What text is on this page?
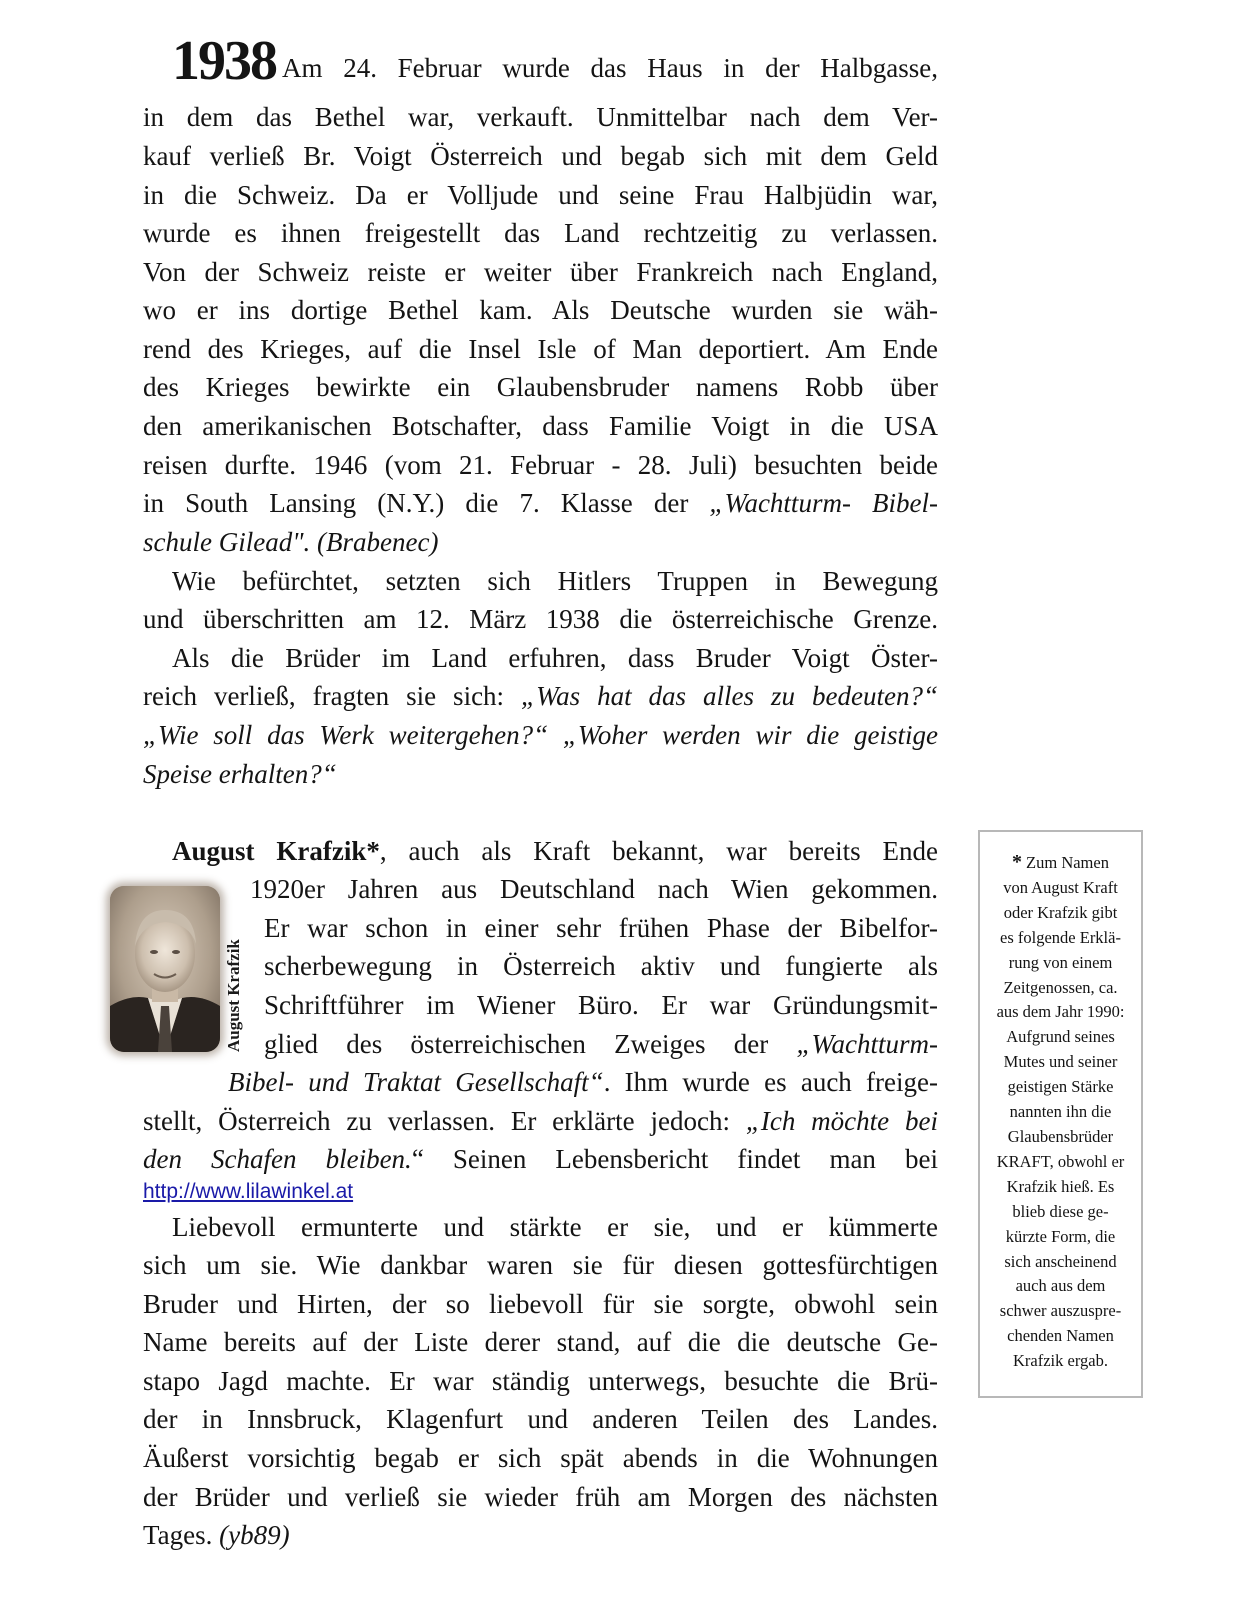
1938 Am 24. Februar wurde das Haus in der Halbgasse,
in dem das Bethel war, verkauft. Unmittelbar nach dem Ver-
kauf verließ Br. Voigt Österreich und begab sich mit dem Geld
in die Schweiz. Da er Volljude und seine Frau Halbjüdin war,
wurde es ihnen freigestellt das Land rechtzeitig zu verlassen.
Von der Schweiz reiste er weiter über Frankreich nach England,
wo er ins dortige Bethel kam. Als Deutsche wurden sie wäh-
rend des Krieges, auf die Insel Isle of Man deportiert. Am Ende
des Krieges bewirkte ein Glaubensbruder namens Robb über
den amerikanischen Botschafter, dass Familie Voigt in die USA
reisen durfte. 1946 (vom 21. Februar - 28. Juli) besuchten beide
in South Lansing (N.Y.) die 7. Klasse der „Wachtturm- Bibel-
schule Gilead". (Brabenec)
Wie befürchtet, setzten sich Hitlers Truppen in Bewegung
und überschritten am 12. März 1938 die österreichische Grenze.
Als die Brüder im Land erfuhren, dass Bruder Voigt Öster-
reich verließ, fragten sie sich: „Was hat das alles zu bedeuten?“
„Wie soll das Werk weitergehen?“ „Woher werden wir die geistige
Speise erhalten?“
August Krafzik
August Krafzik*, auch als Kraft bekannt, war bereits Ende
1920er Jahren aus Deutschland nach Wien gekommen.
Er war schon in einer sehr frühen Phase der Bibelfor-
scherbewegung in Österreich aktiv und fungierte als
Schriftführer im Wiener Büro. Er war Gründungsmit-
glied des österreichischen Zweiges der „Wachtturm-
Bibel- und Traktat Gesellschaft“. Ihm wurde es auch freige-
stellt, Österreich zu verlassen. Er erklärte jedoch: „Ich möchte bei
den Schafen bleiben.“ Seinen Lebensbericht findet man bei
http://www.lilawinkel.at
Liebevoll ermunterte und stärkte er sie, und er kümmerte
sich um sie. Wie dankbar waren sie für diesen gottesfürchtigen
Bruder und Hirten, der so liebevoll für sie sorgte, obwohl sein
Name bereits auf der Liste derer stand, auf die die deutsche Ge-
stapo Jagd machte. Er war ständig unterwegs, besuchte die Brü-
der in Innsbruck, Klagenfurt und anderen Teilen des Landes.
Äußerst vorsichtig begab er sich spät abends in die Wohnungen
der Brüder und verließ sie wieder früh am Morgen des nächsten
Tages. (yb89)
* Zum Namen
von August Kraft
oder Krafzik gibt
es folgende Erklä-
rung von einem
Zeitgenossen, ca.
aus dem Jahr 1990:
Aufgrund seines
Mutes und seiner
geistigen Stärke
nannten ihn die
Glaubensbrüder
KRAFT, obwohl er
Krafzik hieß. Es
blieb diese ge-
kürzte Form, die
sich anscheinend
auch aus dem
schwer auszuspre-
chenden Namen
Krafzik ergab.
